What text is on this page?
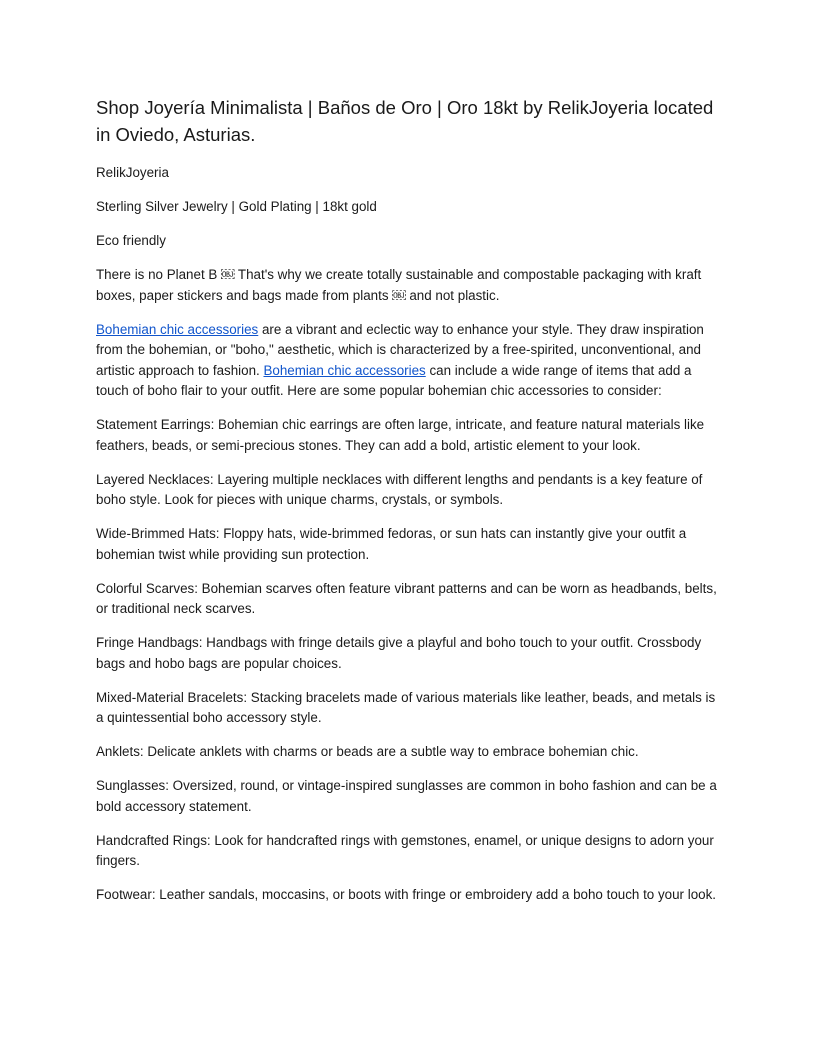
Shop Joyería Minimalista | Baños de Oro | Oro 18kt by RelikJoyeria located in Oviedo, Asturias.

RelikJoyeria

Sterling Silver Jewelry | Gold Plating | 18kt gold

Eco friendly

There is no Planet B ￼ That's why we create totally sustainable and compostable packaging with kraft boxes, paper stickers and bags made from plants ￼ and not plastic.

Bohemian chic accessories are a vibrant and eclectic way to enhance your style. They draw inspiration from the bohemian, or "boho," aesthetic, which is characterized by a free-spirited, unconventional, and artistic approach to fashion. Bohemian chic accessories can include a wide range of items that add a touch of boho flair to your outfit. Here are some popular bohemian chic accessories to consider:

Statement Earrings: Bohemian chic earrings are often large, intricate, and feature natural materials like feathers, beads, or semi-precious stones. They can add a bold, artistic element to your look.

Layered Necklaces: Layering multiple necklaces with different lengths and pendants is a key feature of boho style. Look for pieces with unique charms, crystals, or symbols.

Wide-Brimmed Hats: Floppy hats, wide-brimmed fedoras, or sun hats can instantly give your outfit a bohemian twist while providing sun protection.

Colorful Scarves: Bohemian scarves often feature vibrant patterns and can be worn as headbands, belts, or traditional neck scarves.

Fringe Handbags: Handbags with fringe details give a playful and boho touch to your outfit. Crossbody bags and hobo bags are popular choices.

Mixed-Material Bracelets: Stacking bracelets made of various materials like leather, beads, and metals is a quintessential boho accessory style.

Anklets: Delicate anklets with charms or beads are a subtle way to embrace bohemian chic.

Sunglasses: Oversized, round, or vintage-inspired sunglasses are common in boho fashion and can be a bold accessory statement.

Handcrafted Rings: Look for handcrafted rings with gemstones, enamel, or unique designs to adorn your fingers.

Footwear: Leather sandals, moccasins, or boots with fringe or embroidery add a boho touch to your look.
